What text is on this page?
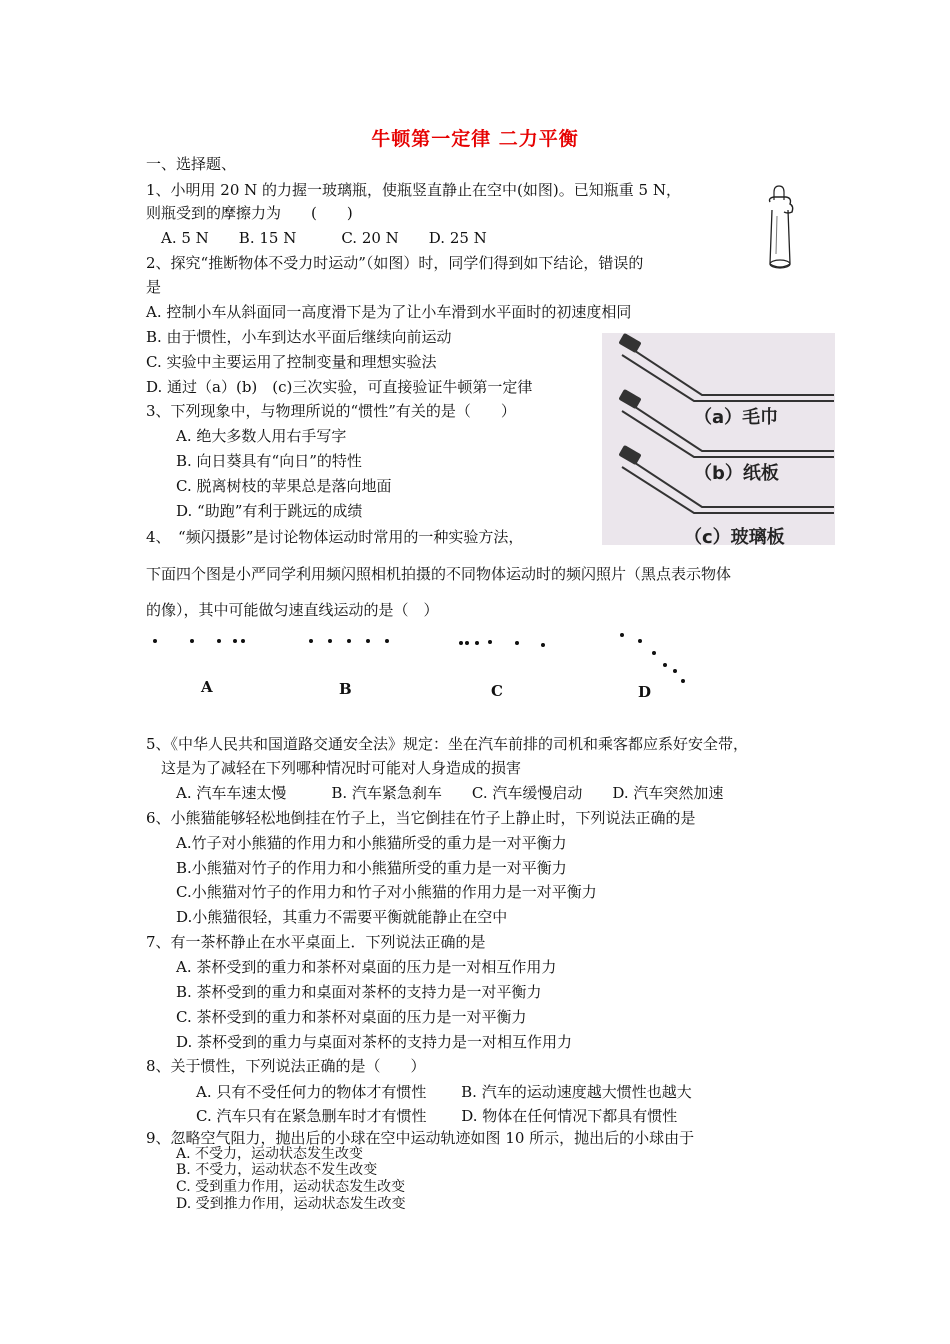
牛顿第一定律 二力平衡
一、选择题、
1、小明用 20 N 的力握一玻璃瓶，使瓶竖直静止在空中(如图)。已知瓶重 5 N，
则瓶受到的摩擦力为　　(　　)
　A. 5 N　　B. 15 N　　　C. 20 N　　D. 25 N
2、探究“推断物体不受力时运动”（如图）时，同学们得到如下结论，错误的
是
A. 控制小车从斜面同一高度滑下是为了让小车滑到水平面时的初速度相同
B. 由于惯性，小车到达水平面后继续向前运动
C. 实验中主要运用了控制变量和理想实验法
D. 通过（a）(b)　(c)三次实验，可直接验证牛顿第一定律
（a）毛巾
（b）纸板
（c）玻璃板
3、下列现象中，与物理所说的“惯性”有关的是（　　）
A. 绝大多数人用右手写字
B. 向日葵具有“向日”的特性
C. 脱离树枝的苹果总是落向地面
D. “助跑”有利于跳远的成绩
4、　“频闪摄影”是讨论物体运动时常用的一种实验方法，
下面四个图是小严同学利用频闪照相机拍摄的不同物体运动时的频闪照片（黑点表示物体
的像），其中可能做匀速直线运动的是（　）
A	B	C	D
5、《中华人民共和国道路交通安全法》规定：坐在汽车前排的司机和乘客都应系好安全带，
这是为了减轻在下列哪种情况时可能对人身造成的损害
A. 汽车车速太慢　　　B. 汽车紧急刹车　　C. 汽车缓慢启动　　D. 汽车突然加速
6、小熊猫能够轻松地倒挂在竹子上，当它倒挂在竹子上静止时，下列说法正确的是
A.竹子对小熊猫的作用力和小熊猫所受的重力是一对平衡力
B.小熊猫对竹子的作用力和小熊猫所受的重力是一对平衡力
C.小熊猫对竹子的作用力和竹子对小熊猫的作用力是一对平衡力
D.小熊猫很轻，其重力不需要平衡就能静止在空中
7、有一茶杯静止在水平桌面上．下列说法正确的是
A. 茶杯受到的重力和茶杯对桌面的压力是一对相互作用力
B. 茶杯受到的重力和桌面对茶杯的支持力是一对平衡力
C. 茶杯受到的重力和茶杯对桌面的压力是一对平衡力
D. 茶杯受到的重力与桌面对茶杯的支持力是一对相互作用力
8、关于惯性，下列说法正确的是（　　）
A. 只有不受任何力的物体才有惯性　　 B. 汽车的运动速度越大惯性也越大
C. 汽车只有在紧急删车时才有惯性　　 D. 物体在任何情况下都具有惯性
9、忽略空气阻力，抛出后的小球在空中运动轨迹如图 10 所示，抛出后的小球由于
A. 不受力，运动状态发生改变
B. 不受力，运动状态不发生改变
C. 受到重力作用，运动状态发生改变
D. 受到推力作用，运动状态发生改变
